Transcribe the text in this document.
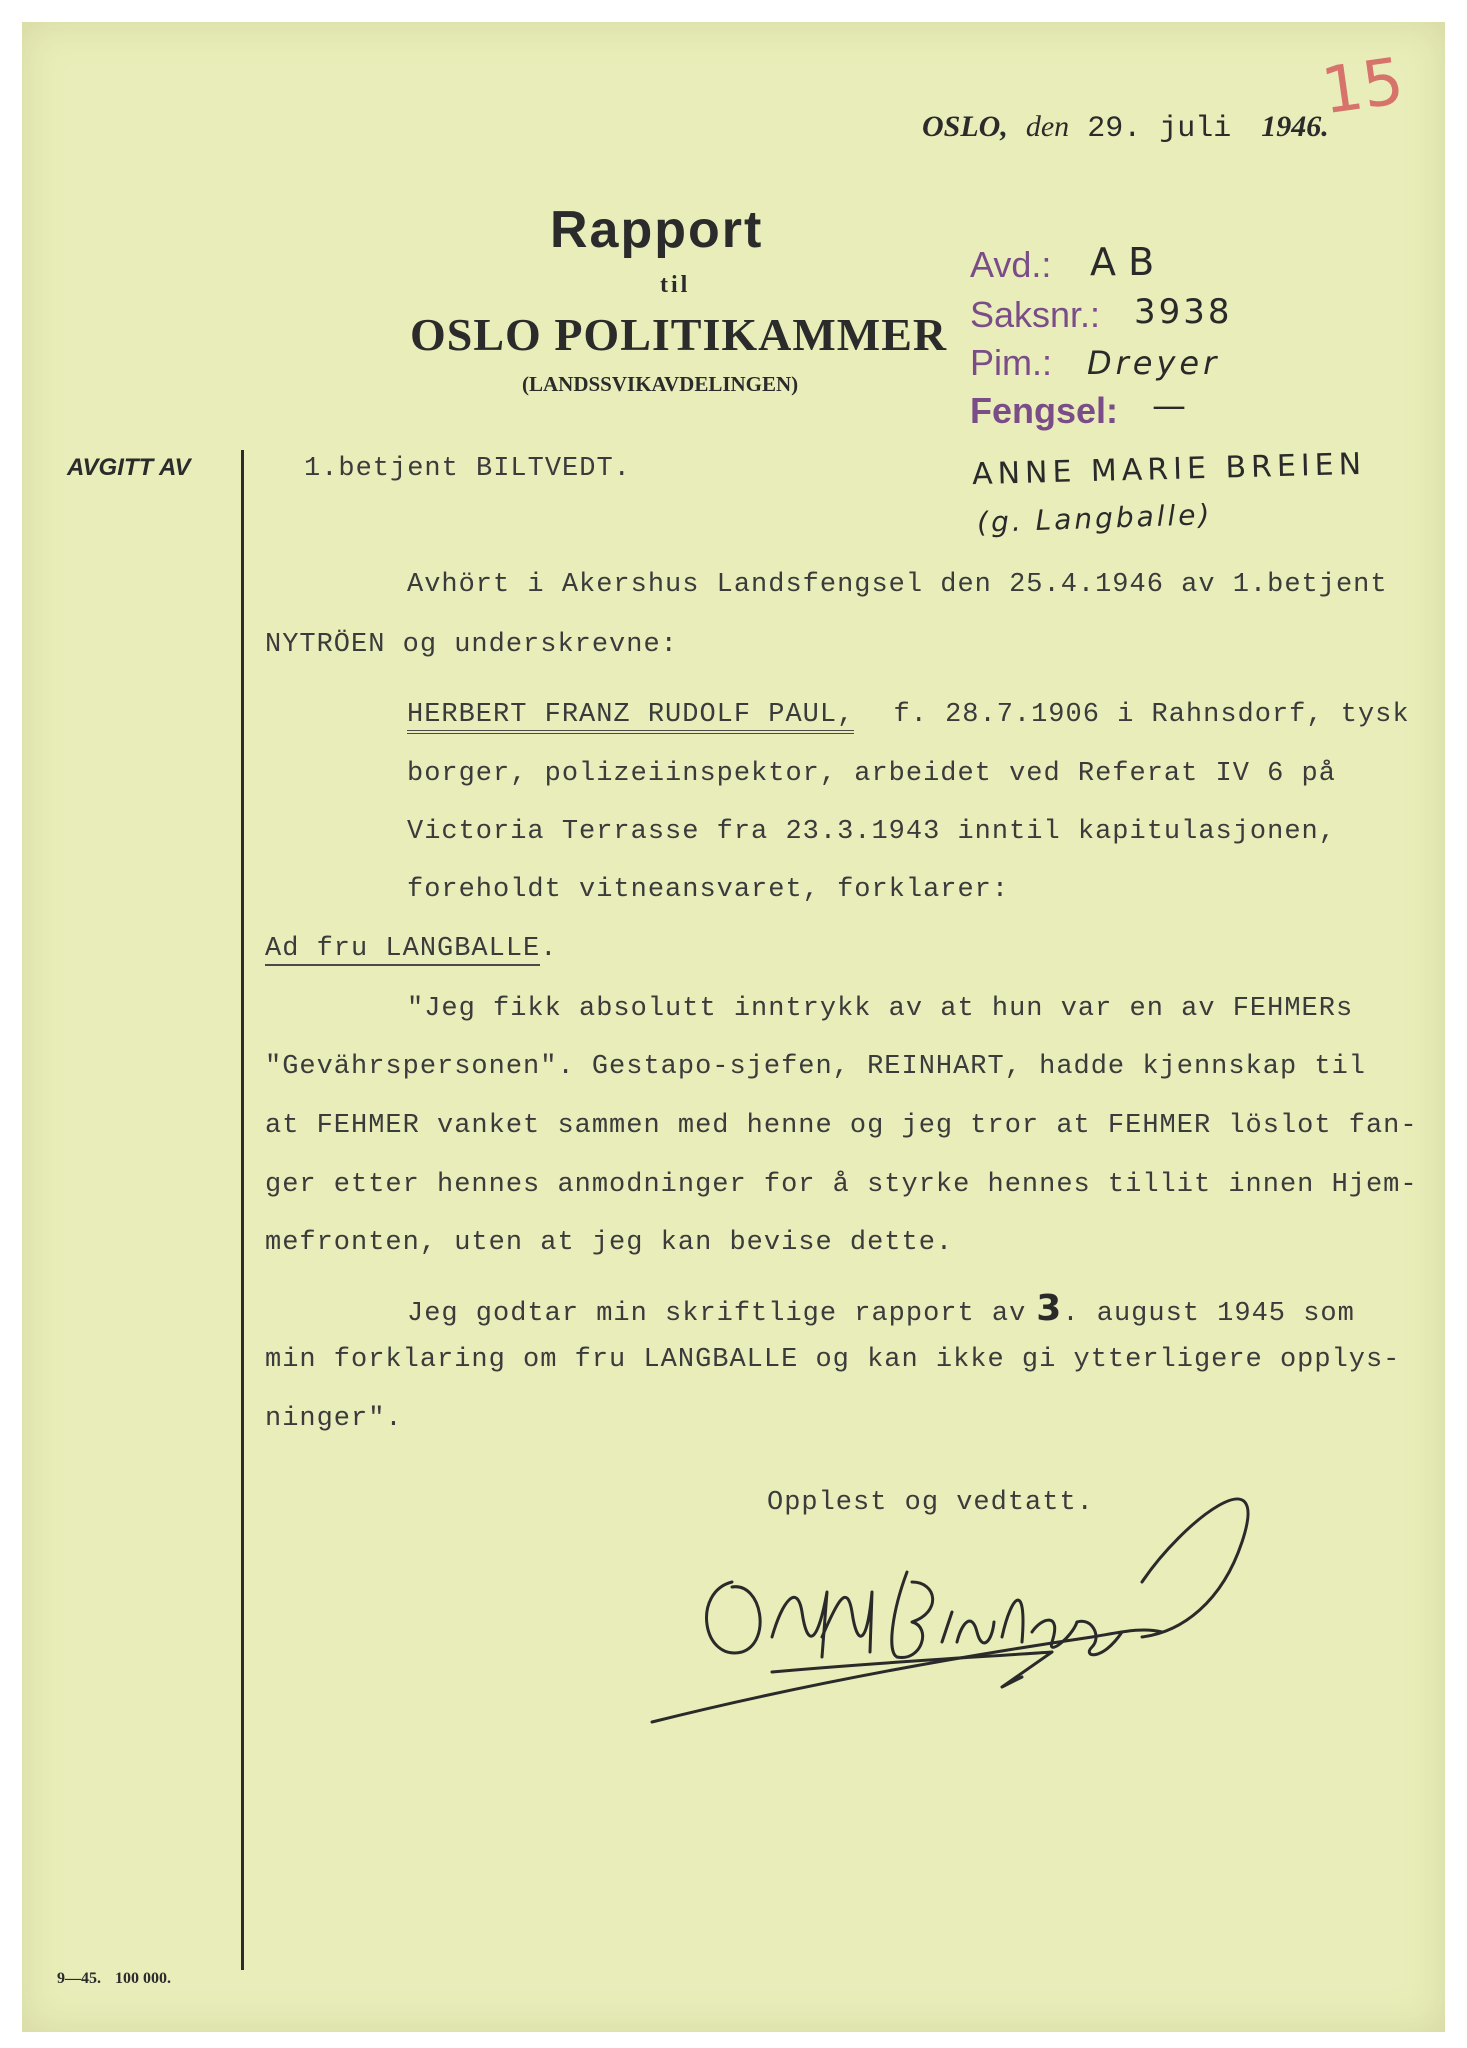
15
OSLO, den 29. juli 1946.
Rapport
til
OSLO POLITIKAMMER
(LANDSSVIKAVDELINGEN)
Avd.: A B
Saksnr.: 3938
Pim.: Dreyer
Fengsel: —
ANNE MARIE BREIEN
(g. Langballe)
AVGITT AV	1.betjent BILTVEDT.
Avhört i Akershus Landsfengsel den 25.4.1946 av 1.betjent
NYTRÖEN og underskrevne:
HERBERT FRANZ RUDOLF PAUL, f. 28.7.1906 i Rahnsdorf, tysk
borger, polizeiinspektor, arbeidet ved Referat IV 6 på
Victoria Terrasse fra 23.3.1943 inntil kapitulasjonen,
foreholdt vitneansvaret, forklarer:
Ad fru LANGBALLE.
"Jeg fikk absolutt inntrykk av at hun var en av FEHMERs
"Gevährspersonen". Gestapo-sjefen, REINHART, hadde kjennskap til
at FEHMER vanket sammen med henne og jeg tror at FEHMER löslot fan-
ger etter hennes anmodninger for å styrke hennes tillit innen Hjem-
mefronten, uten at jeg kan bevise dette.
Jeg godtar min skriftlige rapport av 3. august 1945 som
min forklaring om fru LANGBALLE og kan ikke gi ytterligere opplys-
ninger".
Opplest og vedtatt.
9—45. 100 000.
